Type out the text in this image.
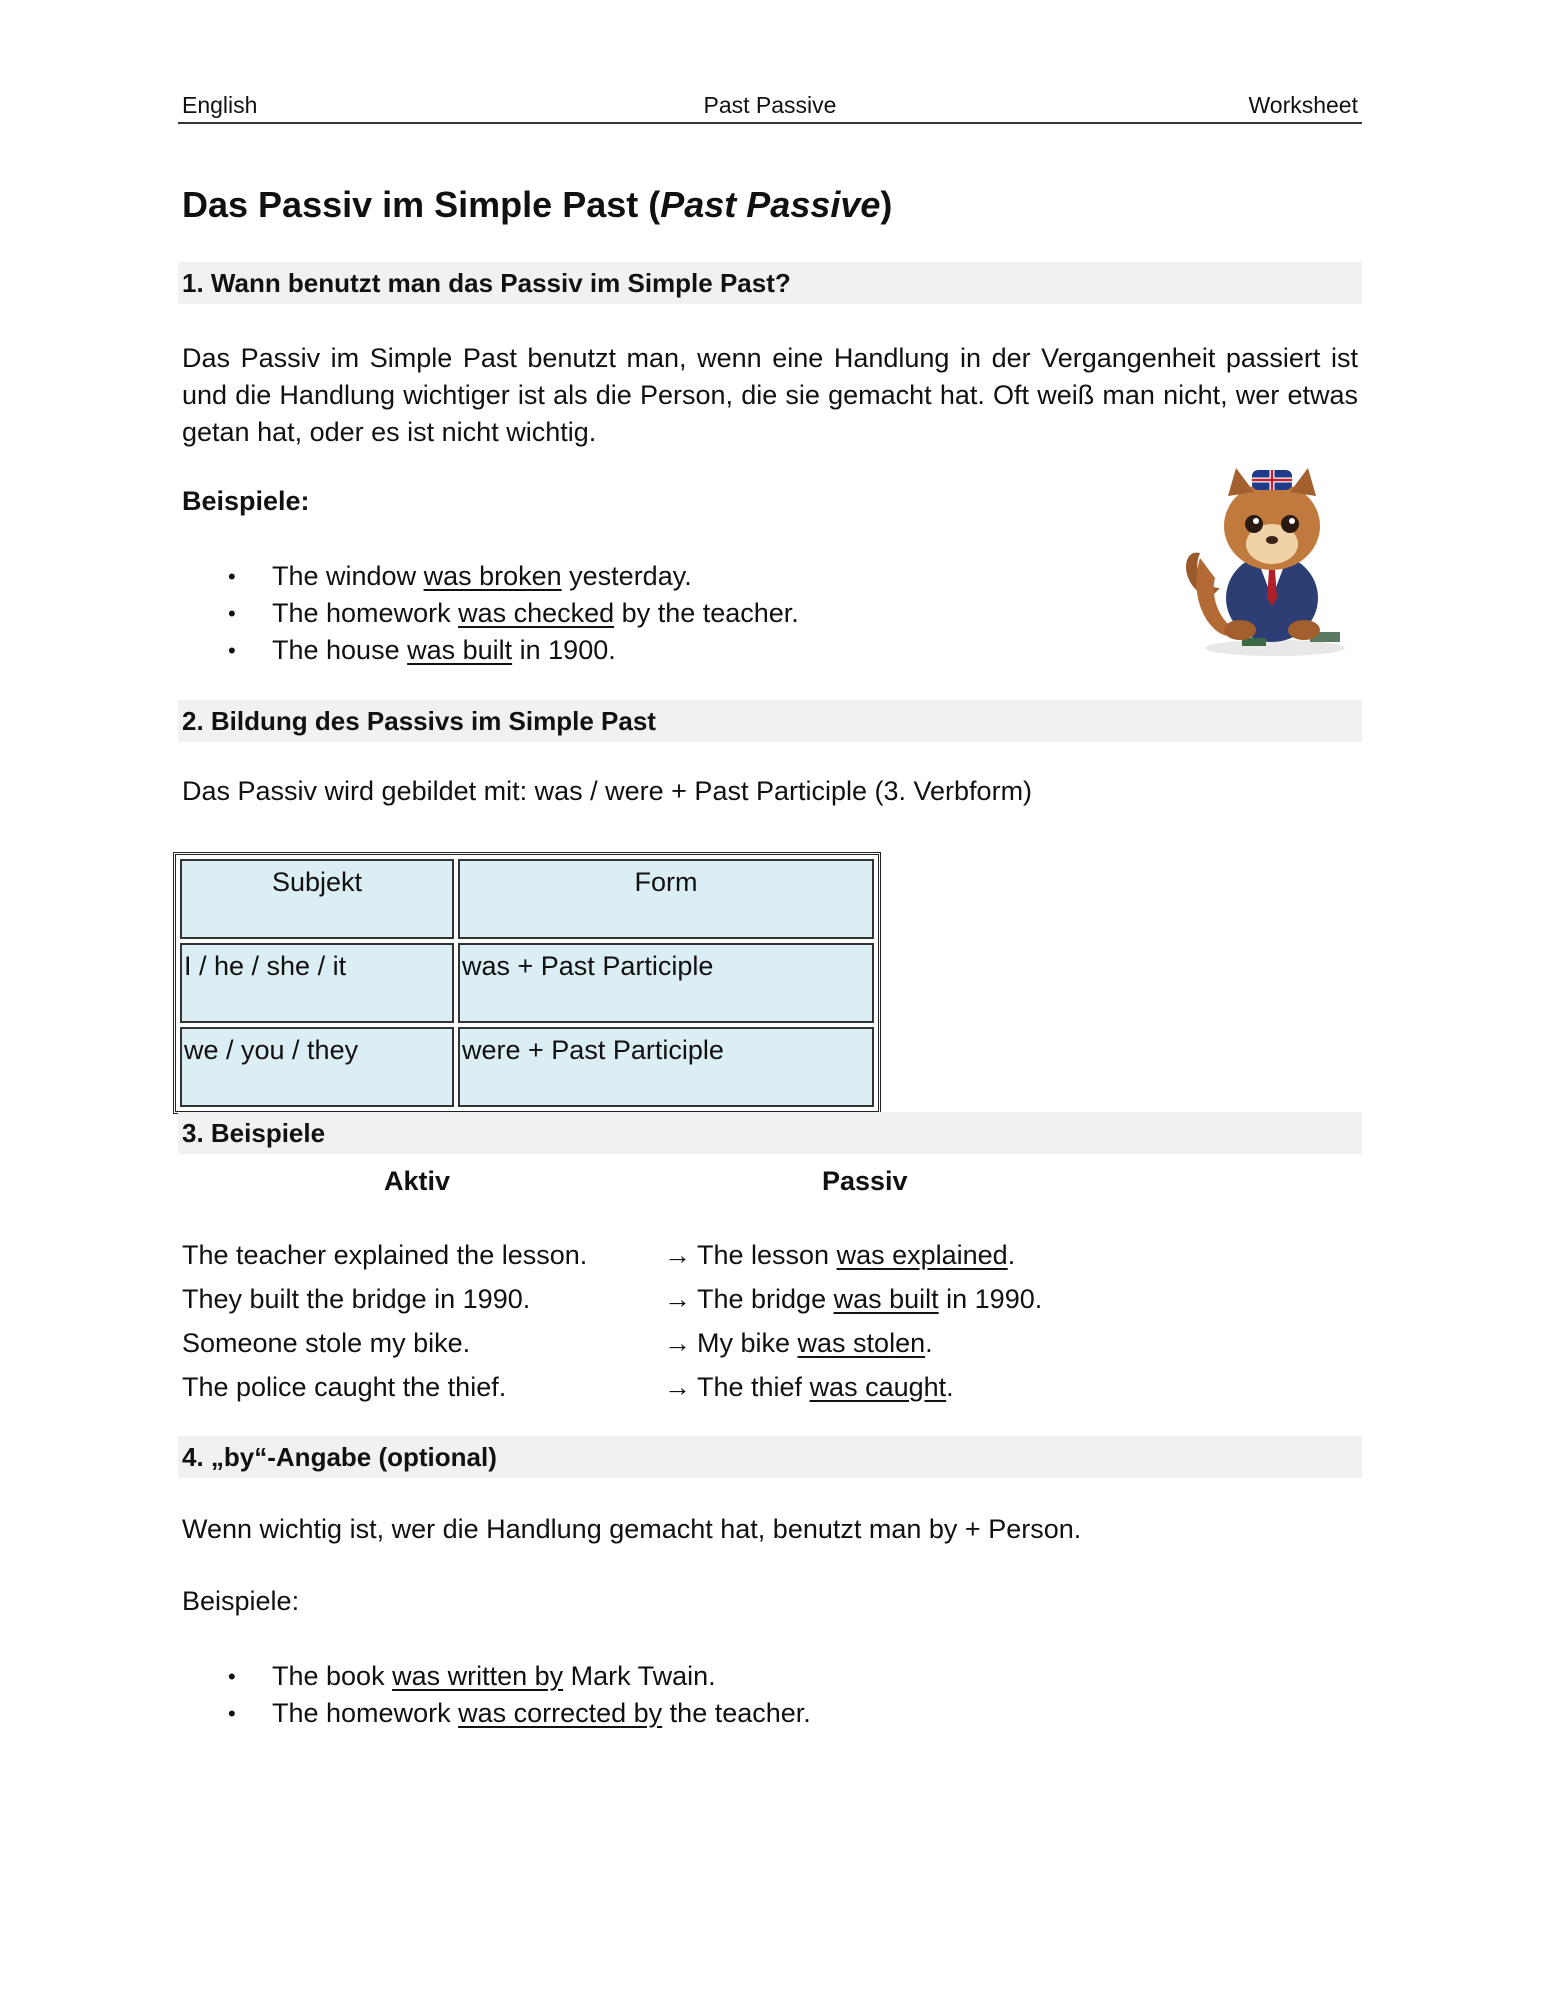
English	Past Passive	Worksheet
Das Passiv im Simple Past (Past Passive)
1. Wann benutzt man das Passiv im Simple Past?
Das Passiv im Simple Past benutzt man, wenn eine Handlung in der Vergangenheit passiert ist und die Handlung wichtiger ist als die Person, die sie gemacht hat. Oft weiß man nicht, wer etwas getan hat, oder es ist nicht wichtig.
Beispiele:
• The window was broken yesterday.
• The homework was checked by the teacher.
• The house was built in 1900.
2. Bildung des Passivs im Simple Past
Das Passiv wird gebildet mit: was / were + Past Participle (3. Verbform)
Subjekt	Form
I / he / she / it	was + Past Participle
we / you / they	were + Past Participle
3. Beispiele
Aktiv	Passiv
The teacher explained the lesson.	→ The lesson was explained.
They built the bridge in 1990.	→ The bridge was built in 1990.
Someone stole my bike.	→ My bike was stolen.
The police caught the thief.	→ The thief was caught.
4. „by“-Angabe (optional)
Wenn wichtig ist, wer die Handlung gemacht hat, benutzt man by + Person.
Beispiele:
• The book was written by Mark Twain.
• The homework was corrected by the teacher.
